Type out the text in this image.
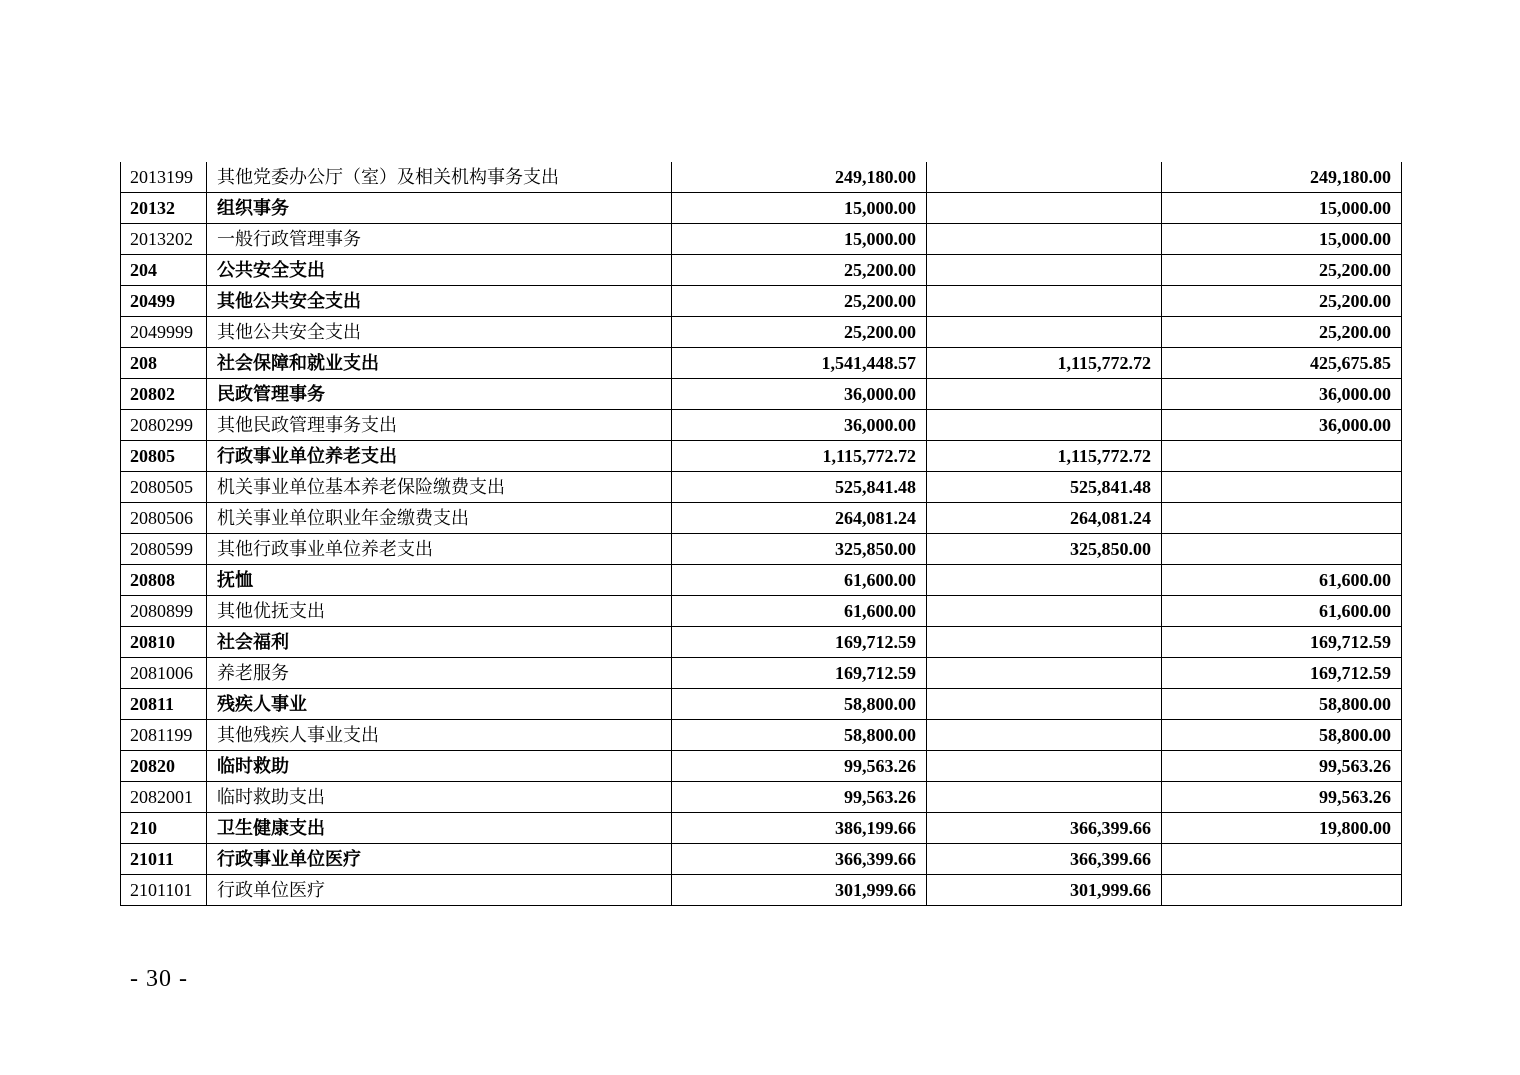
2013199	其他党委办公厅（室）及相关机构事务支出	249,180.00		249,180.00
20132	组织事务	15,000.00		15,000.00
2013202	一般行政管理事务	15,000.00		15,000.00
204	公共安全支出	25,200.00		25,200.00
20499	其他公共安全支出	25,200.00		25,200.00
2049999	其他公共安全支出	25,200.00		25,200.00
208	社会保障和就业支出	1,541,448.57	1,115,772.72	425,675.85
20802	民政管理事务	36,000.00		36,000.00
2080299	其他民政管理事务支出	36,000.00		36,000.00
20805	行政事业单位养老支出	1,115,772.72	1,115,772.72	
2080505	机关事业单位基本养老保险缴费支出	525,841.48	525,841.48	
2080506	机关事业单位职业年金缴费支出	264,081.24	264,081.24	
2080599	其他行政事业单位养老支出	325,850.00	325,850.00	
20808	抚恤	61,600.00		61,600.00
2080899	其他优抚支出	61,600.00		61,600.00
20810	社会福利	169,712.59		169,712.59
2081006	养老服务	169,712.59		169,712.59
20811	残疾人事业	58,800.00		58,800.00
2081199	其他残疾人事业支出	58,800.00		58,800.00
20820	临时救助	99,563.26		99,563.26
2082001	临时救助支出	99,563.26		99,563.26
210	卫生健康支出	386,199.66	366,399.66	19,800.00
21011	行政事业单位医疗	366,399.66	366,399.66	
2101101	行政单位医疗	301,999.66	301,999.66	
- 30 -
